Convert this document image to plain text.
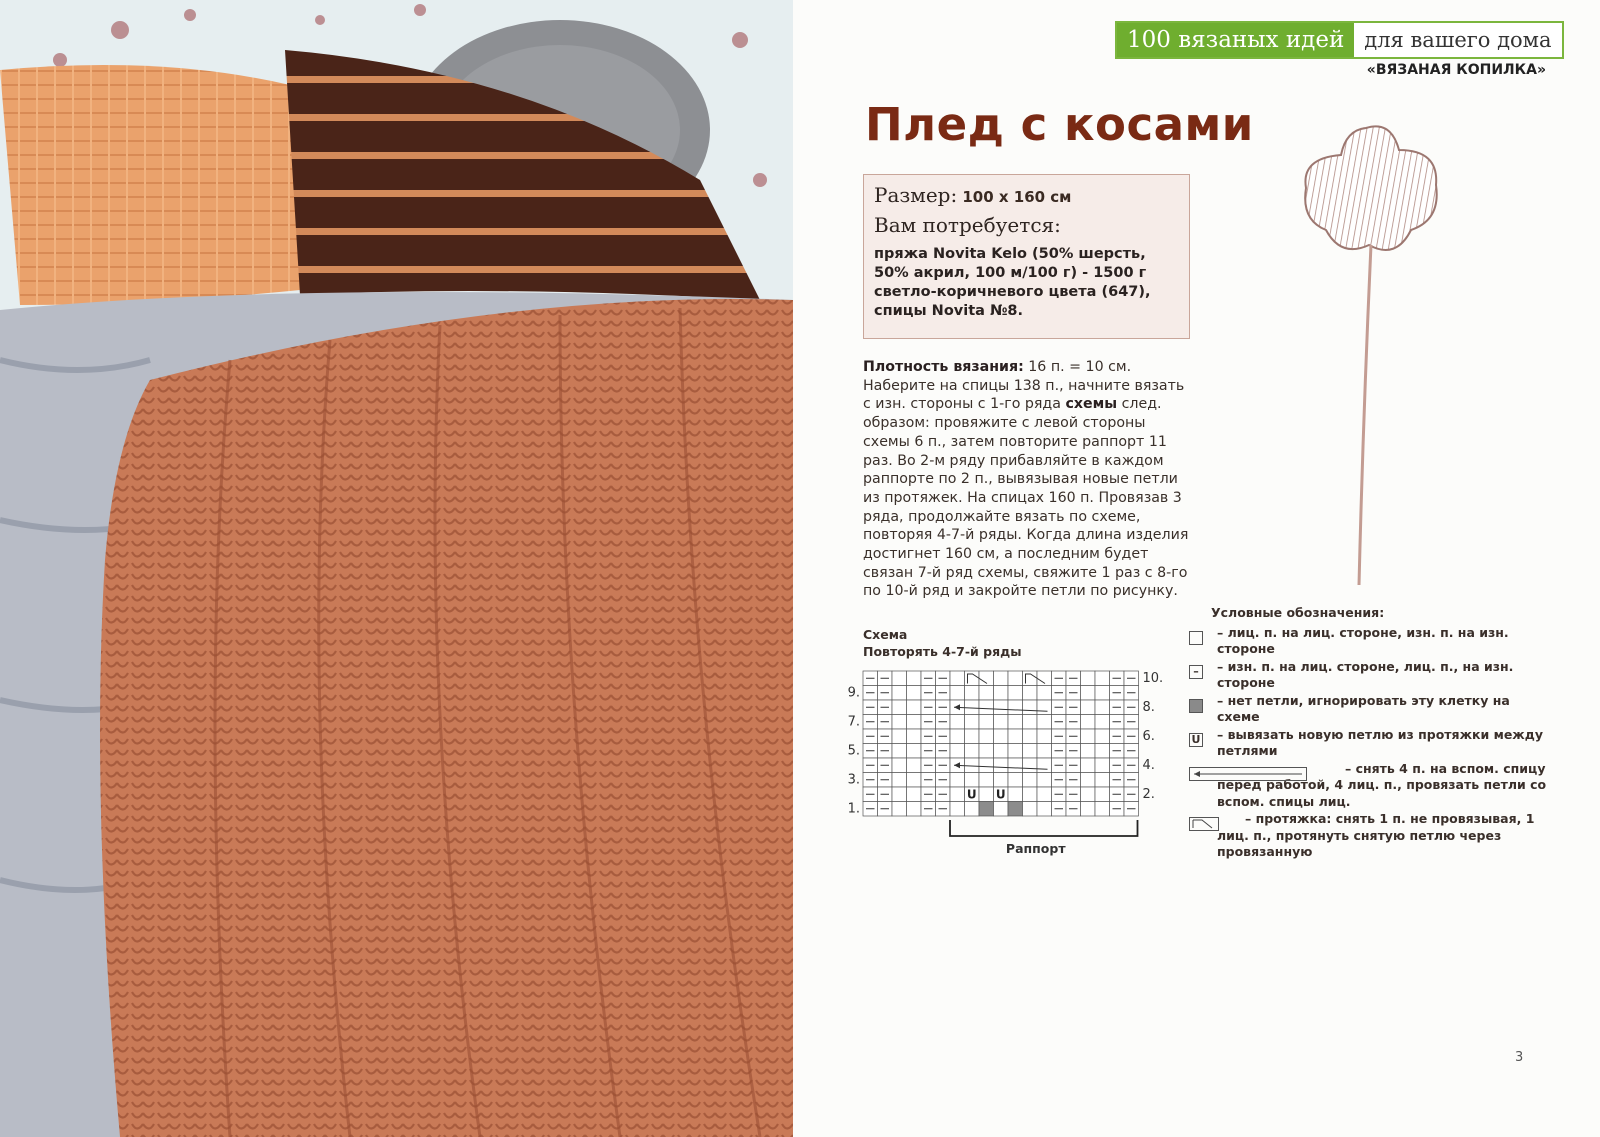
100 вязаных идей для вашего дома
«ВЯЗАНАЯ КОПИЛКА»
Плед с косами
Размер: 100 х 160 см
Вам потребуется:
пряжа Novita Kelo (50% шерсть, 50% акрил, 100 м/100 г) - 1500 г светло-коричневого цвета (647), спицы Novita №8.
Плотность вязания: 16 п. = 10 см.
Наберите на спицы 138 п., начните вязать с изн. стороны с 1-го ряда схемы след. образом: провяжите с левой стороны схемы 6 п., затем повторите раппорт 11 раз. Во 2-м ряду прибавляйте в каждом раппорте по 2 п., вывязывая новые петли из протяжек. На спицах 160 п. Провязав 3 ряда, продолжайте вязать по схеме, повторяя 4-7-й ряды. Когда длина изделия достигнет 160 см, а последним будет связан 7-й ряд схемы, свяжите 1 раз с 8-го по 10-й ряд и закройте петли по рисунку.
Схема
Повторять 4-7-й ряды
U U
9.
7.
5.
3.
1.
10.
8.
6.
4.
2.
Раппорт
Условные обозначения:
– лиц. п. на лиц. стороне, изн. п. на изн. стороне
–	– изн. п. на лиц. стороне, лиц. п., на изн. стороне
– нет петли, игнорировать эту клетку на схеме
U	– вывязать новую петлю из протяжки между петлями
– снять 4 п. на вспом. спицу перед работой, 4 лиц. п., провязать петли со вспом. спицы лиц.
– протяжка: снять 1 п. не провязывая, 1 лиц. п., протянуть снятую петлю через провязанную
3
